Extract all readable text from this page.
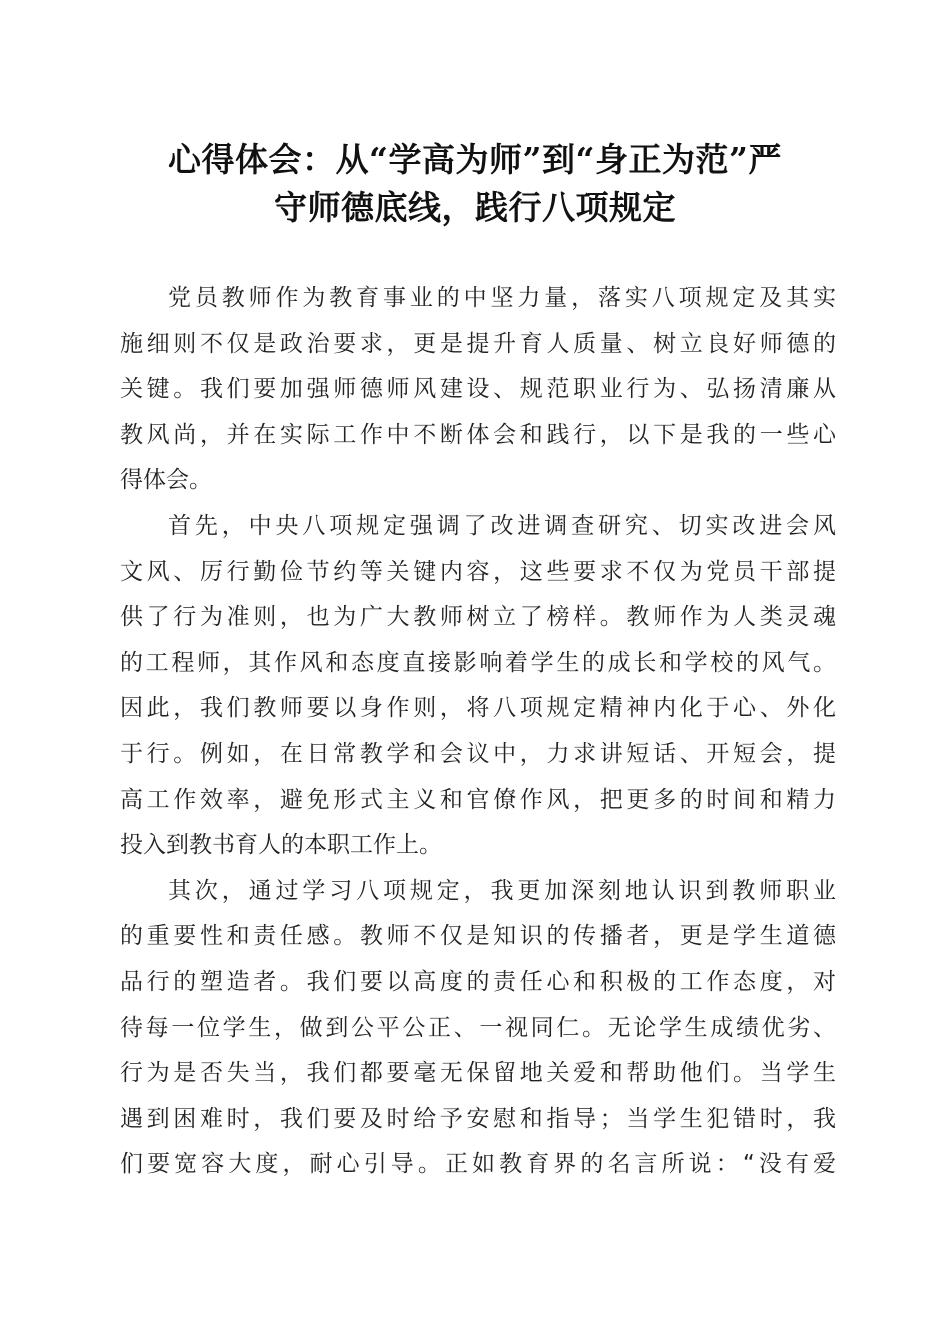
心得体会：从“学高为师”到“身正为范”严
守师德底线，践行八项规定
党员教师作为教育事业的中坚力量，落实八项规定及其实
施细则不仅是政治要求，更是提升育人质量、树立良好师德的
关键。我们要加强师德师风建设、规范职业行为、弘扬清廉从
教风尚，并在实际工作中不断体会和践行，以下是我的一些心
得体会。
首先，中央八项规定强调了改进调查研究、切实改进会风
文风、厉行勤俭节约等关键内容，这些要求不仅为党员干部提
供了行为准则，也为广大教师树立了榜样。教师作为人类灵魂
的工程师，其作风和态度直接影响着学生的成长和学校的风气。
因此，我们教师要以身作则，将八项规定精神内化于心、外化
于行。例如，在日常教学和会议中，力求讲短话、开短会，提
高工作效率，避免形式主义和官僚作风，把更多的时间和精力
投入到教书育人的本职工作上。
其次，通过学习八项规定，我更加深刻地认识到教师职业
的重要性和责任感。教师不仅是知识的传播者，更是学生道德
品行的塑造者。我们要以高度的责任心和积极的工作态度，对
待每一位学生，做到公平公正、一视同仁。无论学生成绩优劣、
行为是否失当，我们都要毫无保留地关爱和帮助他们。当学生
遇到困难时，我们要及时给予安慰和指导；当学生犯错时，我
们要宽容大度，耐心引导。正如教育界的名言所说：“没有爱
